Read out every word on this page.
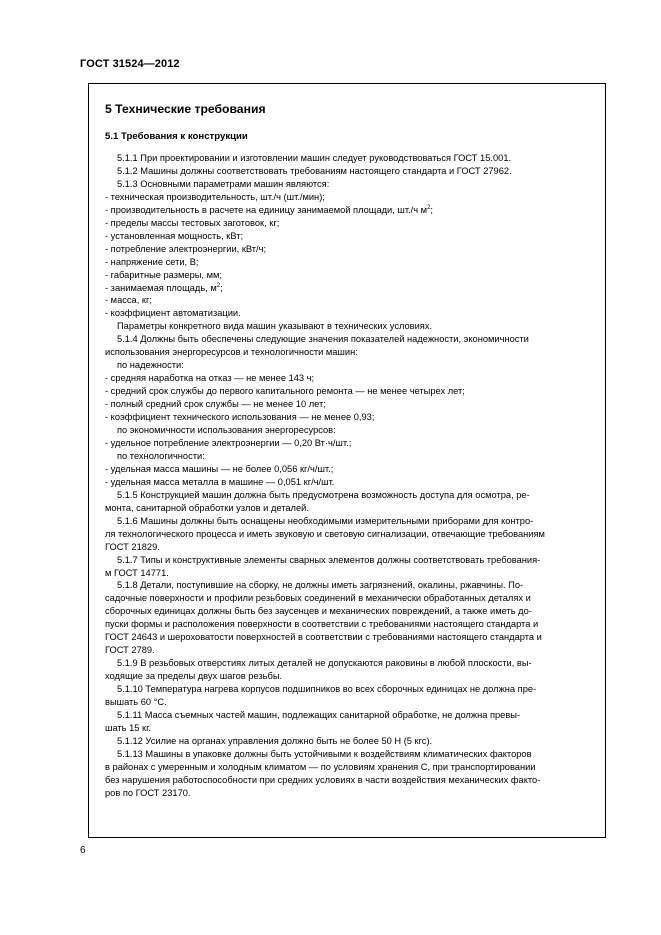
ГОСТ 31524—2012
5 Технические требования
5.1 Требования к конструкции
5.1.1 При проектировании и изготовлении машин следует руководствоваться ГОСТ 15.001.
5.1.2 Машины должны соответствовать требованиям настоящего стандарта и ГОСТ 27962.
5.1.3 Основными параметрами машин являются:
- техническая производительность, шт./ч (шт./мин);
- производительность в расчете на единицу занимаемой площади, шт./ч $м^2$;
- пределы массы тестовых заготовок, кг;
- установленная мощность, кВт;
- потребление электроэнергии, кВт/ч;
- напряжение сети, В;
- габаритные размеры, мм;
- занимаемая площадь, $м^2$;
- масса, кг;
- коэффициент автоматизации.
Параметры конкретного вида машин указывают в технических условиях.
5.1.4 Должны быть обеспечены следующие значения показателей надежности, экономичности
использования энергоресурсов и технологичности машин:
по надежности:
- средняя наработка на отказ — не менее 143 ч;
- средний срок службы до первого капитального ремонта — не менее четырех лет;
- полный средний срок службы — не менее 10 лет;
- коэффициент технического использования — не менее 0,93;
по экономичности использования энергоресурсов:
- удельное потребление электроэнергии — 0,20 Вт·ч/шт.;
по технологичности:
- удельная масса машины — не более 0,056 кг/ч/шт.;
- удельная масса металла в машине — 0,051 кг/ч/шт.
5.1.5 Конструкцией машин должна быть предусмотрена возможность доступа для осмотра, ре-
монта, санитарной обработки узлов и деталей.
5.1.6 Машины должны быть оснащены необходимыми измерительными приборами для контро-
ля технологического процесса и иметь звуковую и световую сигнализации, отвечающие требованиям
ГОСТ 21829.
5.1.7 Типы и конструктивные элементы сварных элементов должны соответствовать требования-
м ГОСТ 14771.
5.1.8 Детали, поступившие на сборку, не должны иметь загрязнений, окалины, ржавчины. По-
садочные поверхности и профили резьбовых соединений в механически обработанных деталях и
сборочных единицах должны быть без заусенцев и механических повреждений, а также иметь до-
пуски формы и расположения поверхности в соответствии с требованиями настоящего стандарта и
ГОСТ 24643 и шероховатости поверхностей в соответствии с требованиями настоящего стандарта и
ГОСТ 2789.
5.1.9 В резьбовых отверстиях литых деталей не допускаются раковины в любой плоскости, вы-
ходящие за пределы двух шагов резьбы.
5.1.10 Температура нагрева корпусов подшипников во всех сборочных единицах не должна пре-
вышать 60 °С.
5.1.11 Масса съемных частей машин, подлежащих санитарной обработке, не должна превы-
шать 15 кг.
5.1.12 Усилие на органах управления должно быть не более 50 Н (5 кгс).
5.1.13 Машины в упаковке должны быть устойчивыми к воздействиям климатических факторов
в районах с умеренным и холодным климатом — по условиям хранения С, при транспортировании
без нарушения работоспособности при средних условиях в части воздействия механических факто-
ров по ГОСТ 23170.
6
